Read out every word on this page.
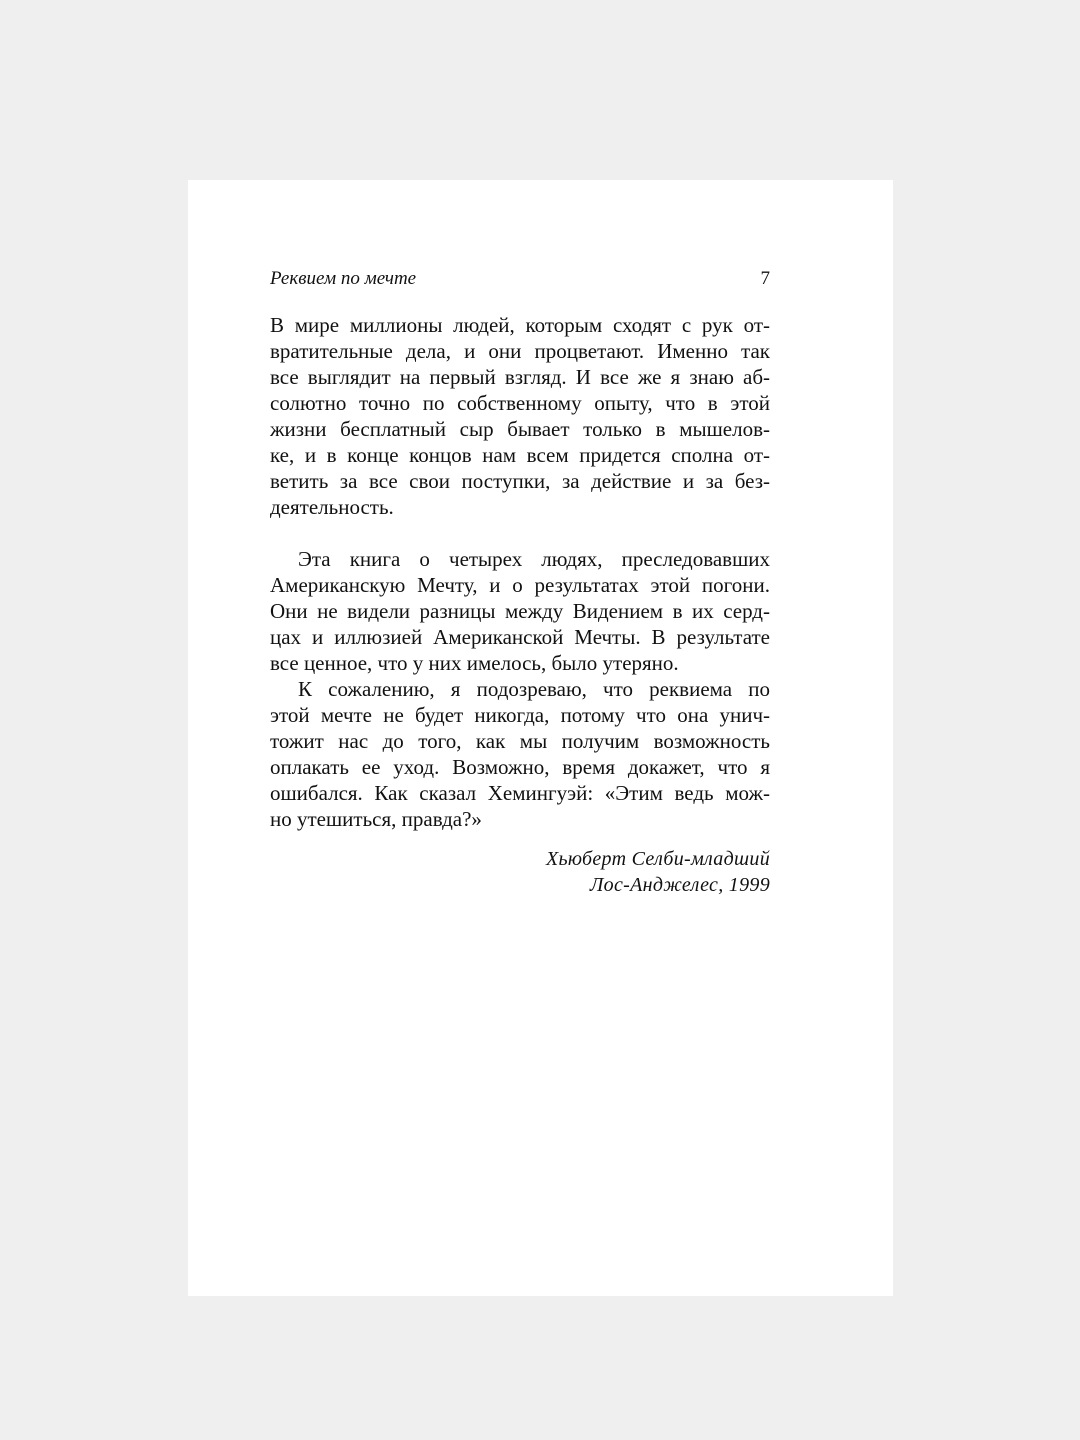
Реквием по мечте	7
В мире миллионы людей, которым сходят с рук от-
вратительные дела, и они процветают. Именно так
все выглядит на первый взгляд. И все же я знаю аб-
солютно точно по собственному опыту, что в этой
жизни бесплатный сыр бывает только в мышелов-
ке, и в конце концов нам всем придется сполна от-
ветить за все свои поступки, за действие и за без-
деятельность.
Эта книга о четырех людях, преследовавших
Американскую Мечту, и о результатах этой погони.
Они не видели разницы между Видением в их серд-
цах и иллюзией Американской Мечты. В результате
все ценное, что у них имелось, было утеряно.
К сожалению, я подозреваю, что реквиема по
этой мечте не будет никогда, потому что она унич-
тожит нас до того, как мы получим возможность
оплакать ее уход. Возможно, время докажет, что я
ошибался. Как сказал Хемингуэй: «Этим ведь мож-
но утешиться, правда?»
Хьюберт Селби-младший
Лос-Анджелес, 1999
